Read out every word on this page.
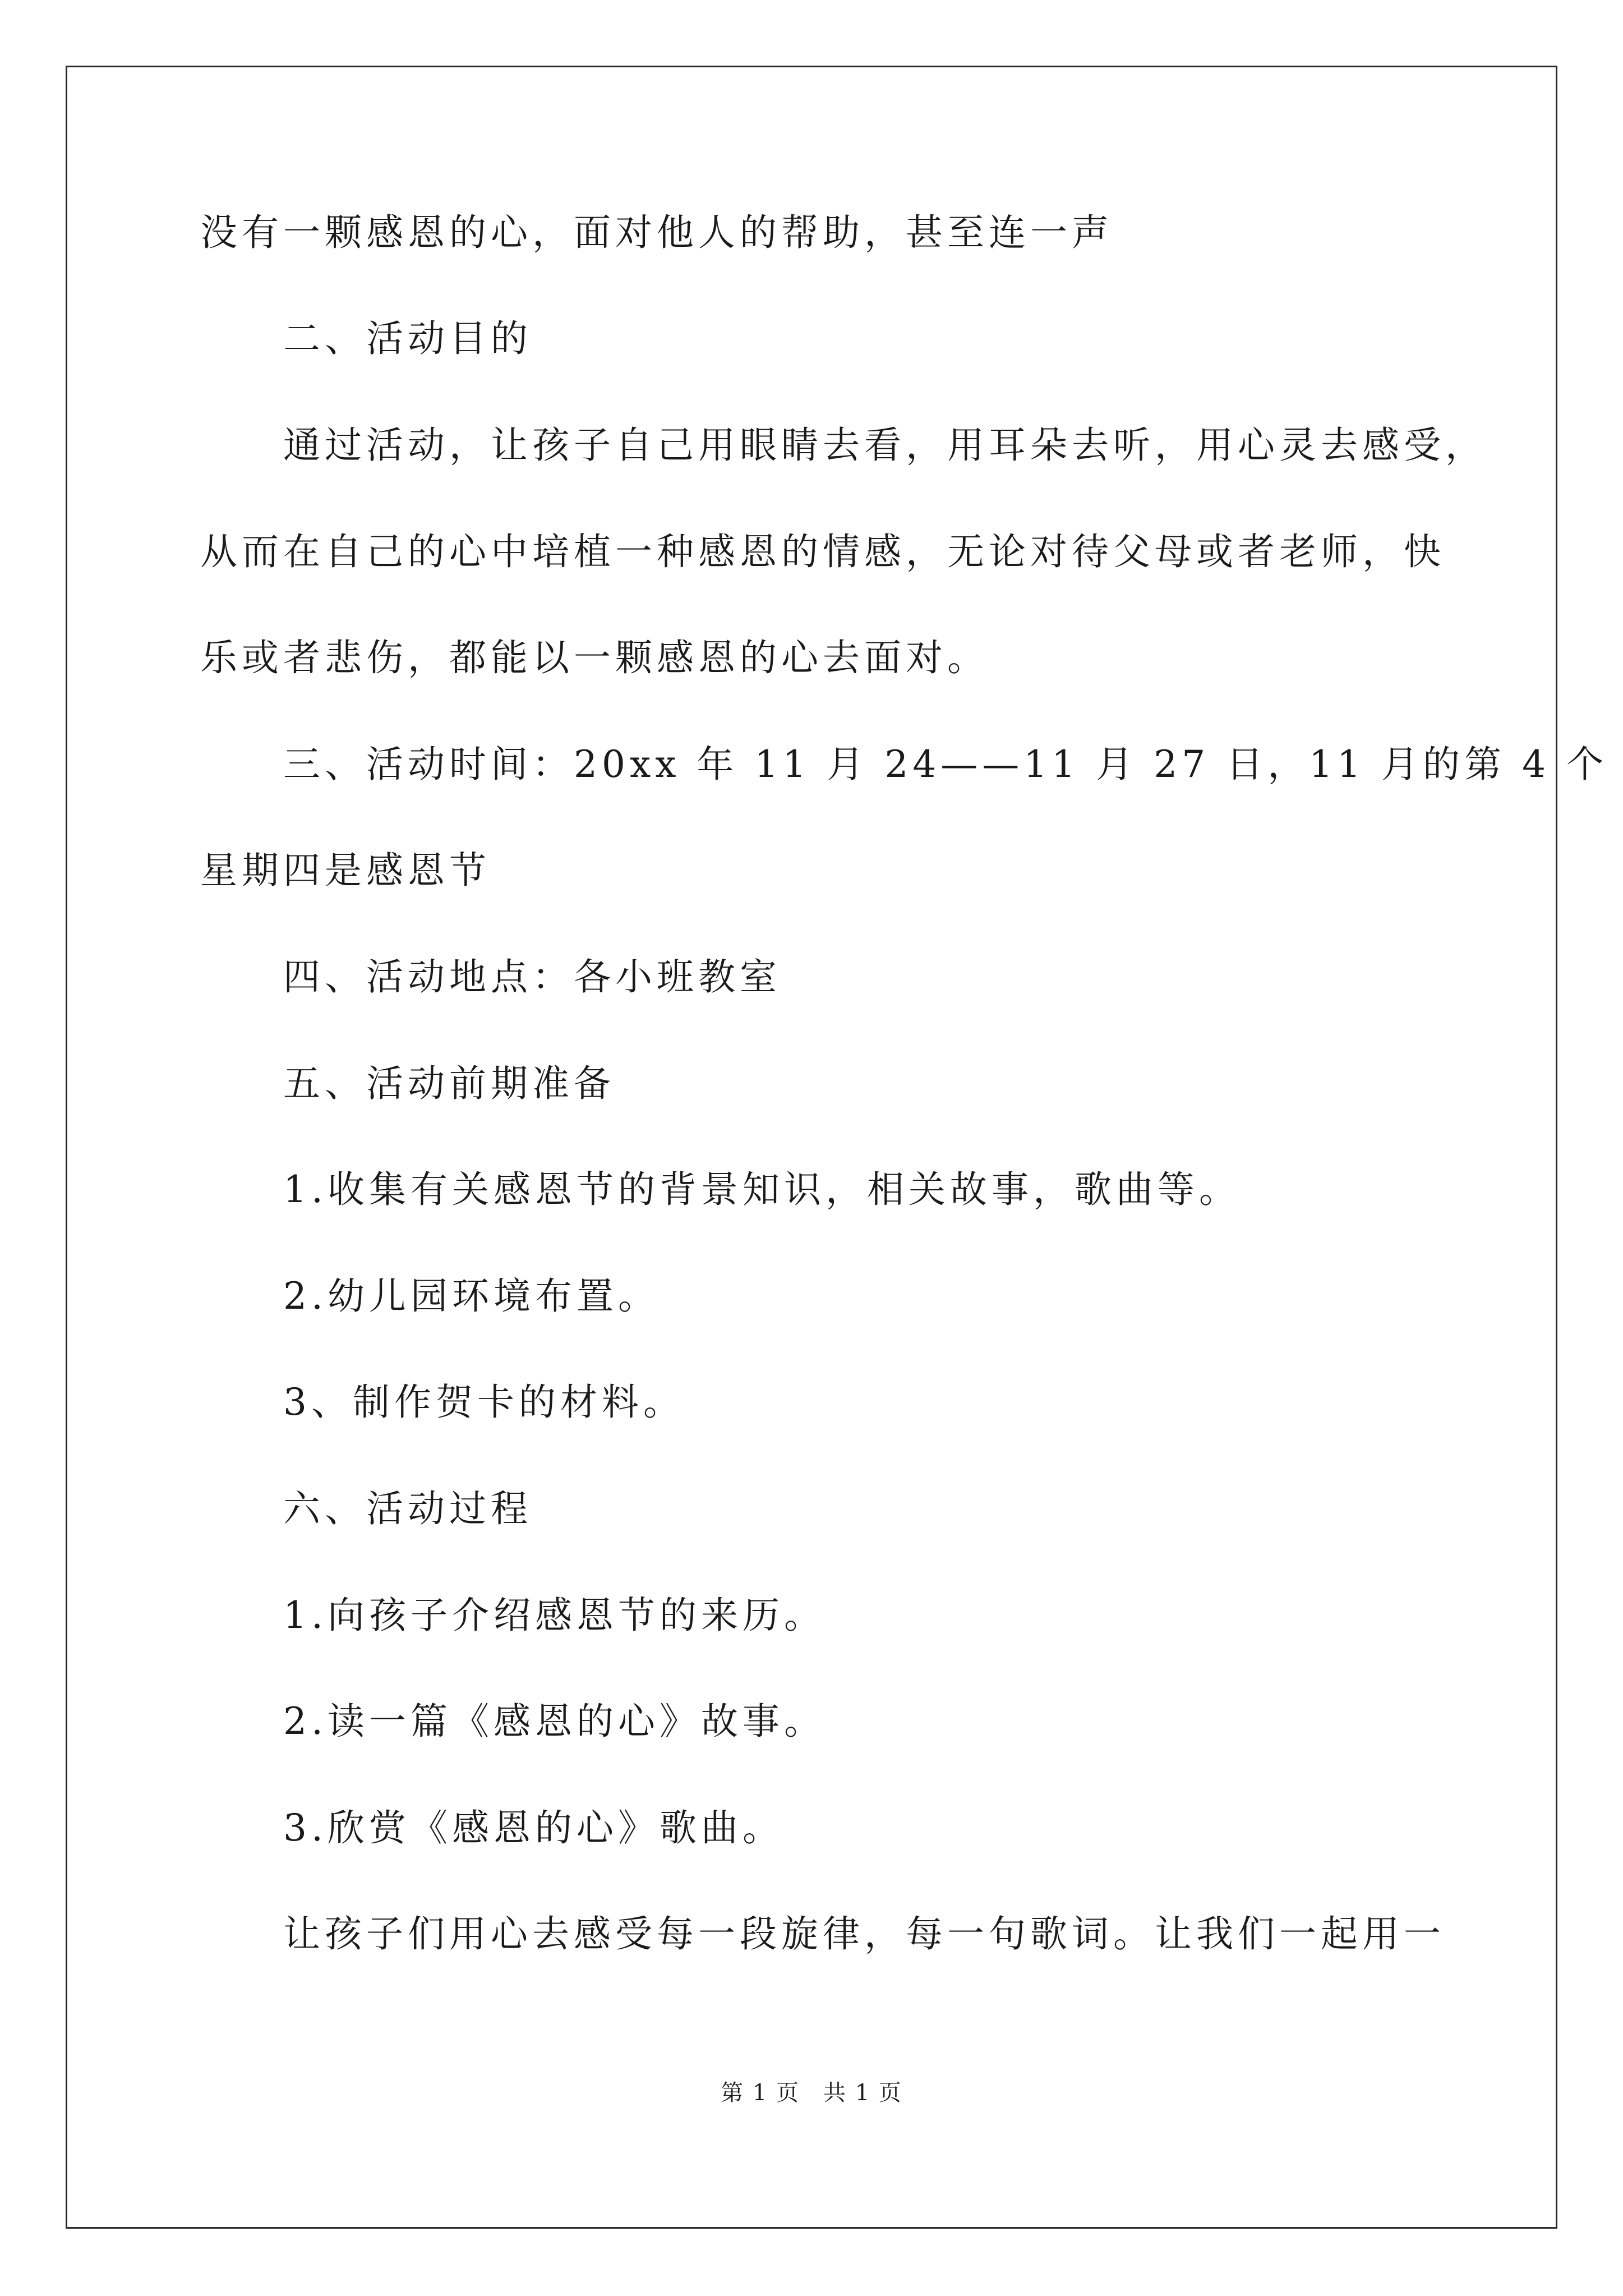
没有一颗感恩的心，面对他人的帮助，甚至连一声

二、活动目的

通过活动，让孩子自己用眼睛去看，用耳朵去听，用心灵去感受，

从而在自己的心中培植一种感恩的情感，无论对待父母或者老师，快

乐或者悲伤，都能以一颗感恩的心去面对。

三、活动时间：20xx 年 11 月 24——11 月 27 日，11 月的第 4 个

星期四是感恩节

四、活动地点：各小班教室

五、活动前期准备

1.收集有关感恩节的背景知识，相关故事，歌曲等。

2.幼儿园环境布置。

3、制作贺卡的材料。

六、活动过程

1.向孩子介绍感恩节的来历。

2.读一篇《感恩的心》故事。

3.欣赏《感恩的心》歌曲。

让孩子们用心去感受每一段旋律，每一句歌词。让我们一起用一

第 1 页　共 1 页
